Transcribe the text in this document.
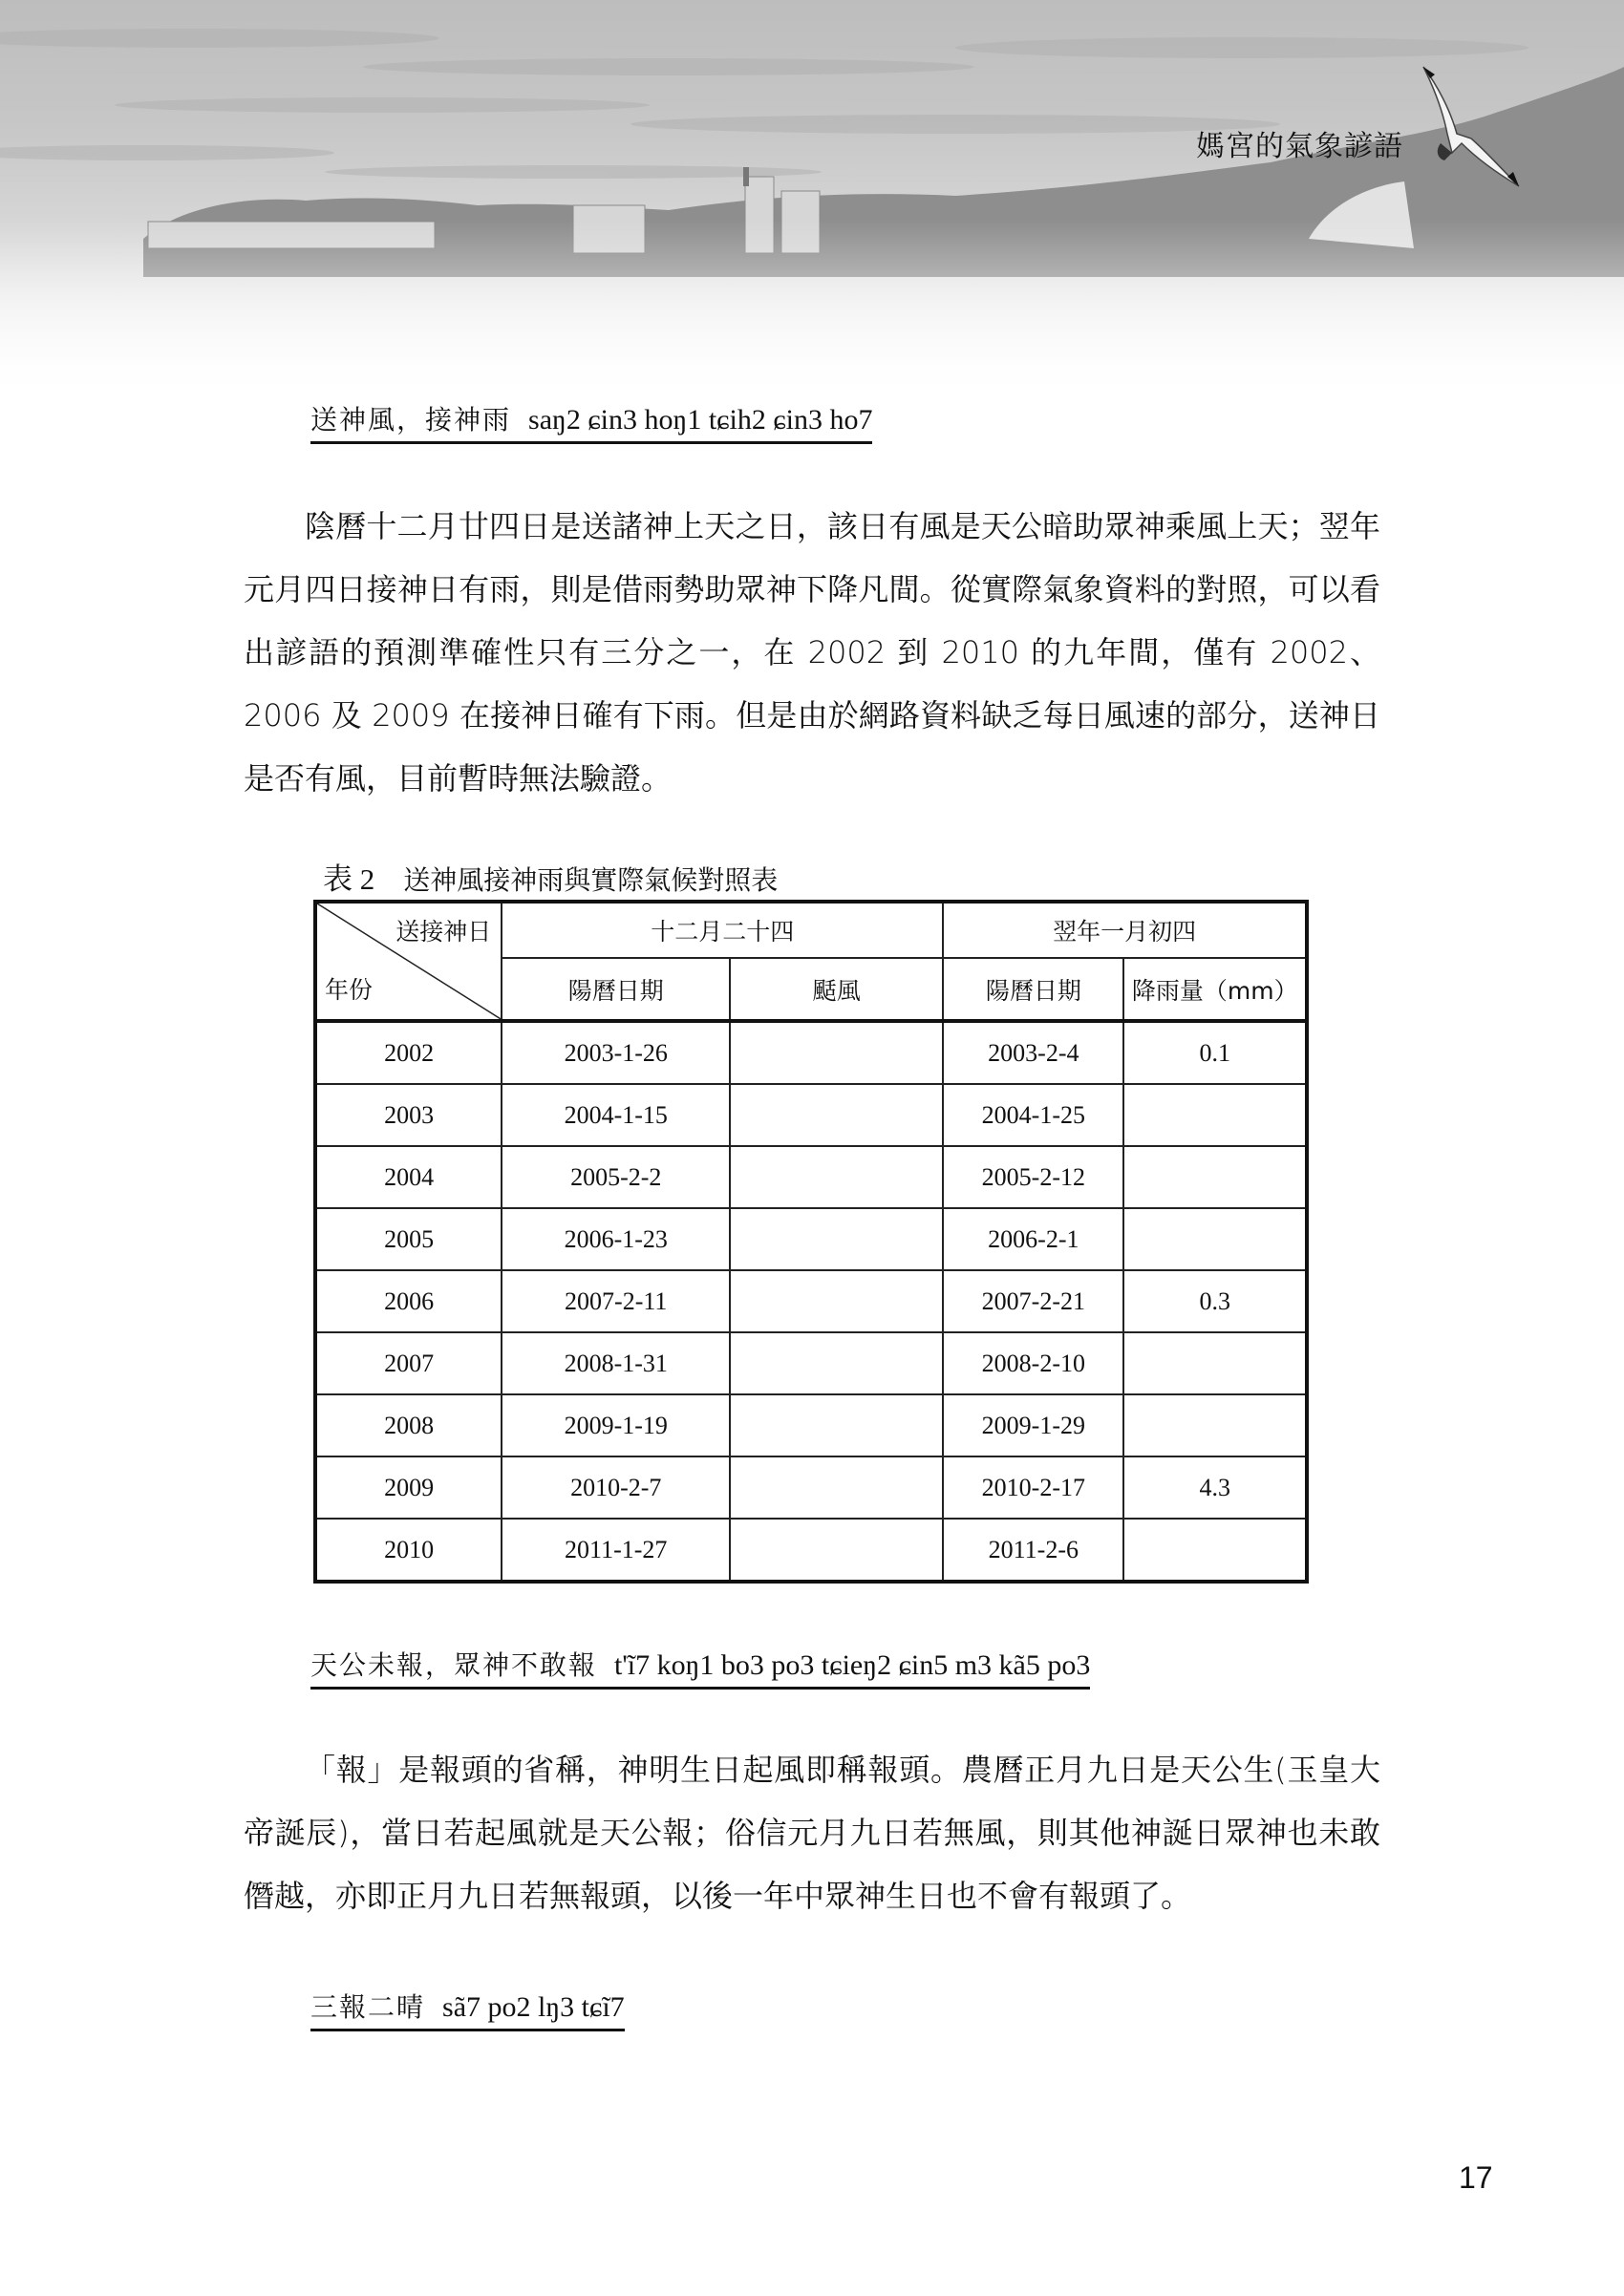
媽宮的氣象諺語
送神風，接神雨 saŋ2 ɕin3 hoŋ1 tɕih2 ɕin3 ho7

陰曆十二月廿四日是送諸神上天之日，該日有風是天公暗助眾神乘風上天；翌年元月四日接神日有雨，則是借雨勢助眾神下降凡間。從實際氣象資料的對照，可以看出諺語的預測準確性只有三分之一，在 2002 到 2010 的九年間，僅有 2002、2006 及 2009 在接神日確有下雨。但是由於網路資料缺乏每日風速的部分，送神日是否有風，目前暫時無法驗證。

表 2 送神風接神雨與實際氣候對照表
送接神日
年份	十二月二十四		翌年一月初四	
	陽曆日期	颳風	陽曆日期	降雨量（mm）
2002	2003-1-26		2003-2-4	0.1
2003	2004-1-15		2004-1-25	
2004	2005-2-2		2005-2-12	
2005	2006-1-23		2006-2-1	
2006	2007-2-11		2007-2-21	0.3
2007	2008-1-31		2008-2-10	
2008	2009-1-19		2009-1-29	
2009	2010-2-7		2010-2-17	4.3
2010	2011-1-27		2011-2-6	
天公未報，眾神不敢報 t'ĩ7 koŋ1 bo3 po3 tɕieŋ2 ɕin5 m3 kã5 po3

「報」是報頭的省稱，神明生日起風即稱報頭。農曆正月九日是天公生(玉皇大帝誕辰)，當日若起風就是天公報；俗信元月九日若無風，則其他神誕日眾神也未敢僭越，亦即正月九日若無報頭，以後一年中眾神生日也不會有報頭了。

三報二晴 sã7 po2 lŋ3 tɕĩ7
17
